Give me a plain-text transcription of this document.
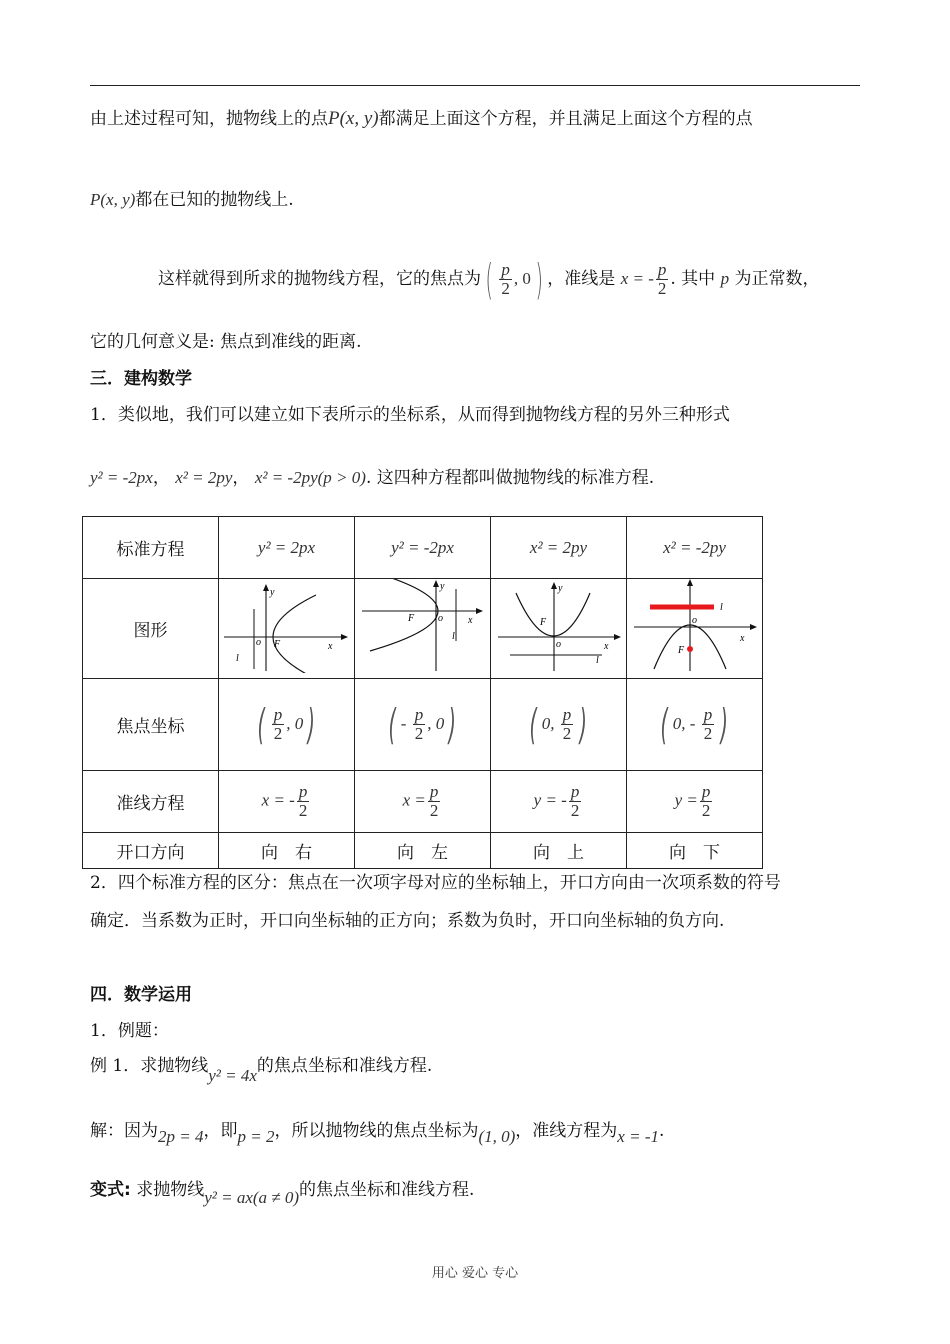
由上述过程可知，抛物线上的点P(x, y)都满足上面这个方程，并且满足上面这个方程的点
P(x, y)都在已知的抛物线上.
这样就得到所求的抛物线方程，它的焦点为 ( $\frac{p}{2}$ , 0 ) ，准线是 x = - $\frac{p}{2}$ . 其中 p 为正常数，
它的几何意义是: 焦点到准线的距离.
三．建构数学
1．类似地，我们可以建立如下表所示的坐标系，从而得到抛物线方程的另外三种形式
y² = -2px， x² = 2py， x² = -2py(p > 0). 这四种方程都叫做抛物线的标准方程.
标准方程	y² = 2px	y² = -2px	x² = 2py	x² = -2py
图形	y
x
o F
l	y
x
o
F
l	y
x
o
F
l	l
x
o
F

焦点坐标	( $\frac{p}{2}$ , 0 )	( - $\frac{p}{2}$ , 0 )	( 0, $\frac{p}{2}$ )	( 0, - $\frac{p}{2}$ )
准线方程	x = - $\frac{p}{2}$	$x = \frac{p}{2}$	y = - $\frac{p}{2}$	$y = \frac{p}{2}$

开口方向	向　右	向　左	向　上	向　下
2．四个标准方程的区分：焦点在一次项字母对应的坐标轴上，开口方向由一次项系数的符号
确定．当系数为正时，开口向坐标轴的正方向；系数为负时，开口向坐标轴的负方向.
四．数学运用
1．例题：
例 1．求抛物线y² = 4x的焦点坐标和准线方程.
解：因为2p = 4，即p = 2，所以抛物线的焦点坐标为(1, 0)，准线方程为x = -1.
变式: 求抛物线y² = ax(a ≠ 0)的焦点坐标和准线方程.
用心 爱心 专心
